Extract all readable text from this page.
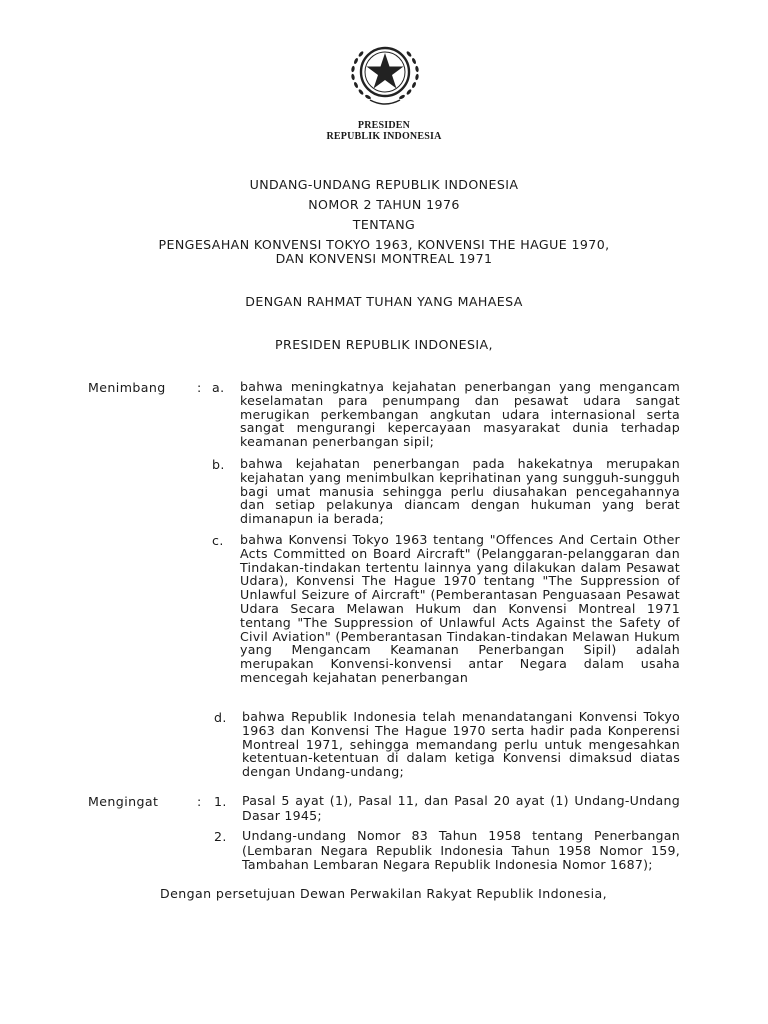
PRESIDEN
REPUBLIK INDONESIA
UNDANG-UNDANG REPUBLIK INDONESIA
NOMOR 2 TAHUN 1976
TENTANG
PENGESAHAN KONVENSI TOKYO 1963, KONVENSI THE HAGUE 1970,
DAN KONVENSI MONTREAL 1971
DENGAN RAHMAT TUHAN YANG MAHAESA
PRESIDEN REPUBLIK INDONESIA,
Menimbang : a. bahwa meningkatnya kejahatan penerbangan yang mengancam keselamatan para penumpang dan pesawat udara sangat merugikan perkembangan angkutan udara internasional serta sangat mengurangi kepercayaan masyarakat dunia terhadap keamanan penerbangan sipil;
b. bahwa kejahatan penerbangan pada hakekatnya merupakan kejahatan yang menimbulkan keprihatinan yang sungguh-sungguh bagi umat manusia sehingga perlu diusahakan pencegahannya dan setiap pelakunya diancam dengan hukuman yang berat dimanapun ia berada;
c. bahwa Konvensi Tokyo 1963 tentang "Offences And Certain Other Acts Committed on Board Aircraft" (Pelanggaran-pelanggaran dan Tindakan-tindakan tertentu lainnya yang dilakukan dalam Pesawat Udara), Konvensi The Hague 1970 tentang "The Suppression of Unlawful Seizure of Aircraft" (Pemberantasan Penguasaan Pesawat Udara Secara Melawan Hukum dan Konvensi Montreal 1971 tentang "The Suppression of Unlawful Acts Against the Safety of Civil Aviation" (Pemberantasan Tindakan-tindakan Melawan Hukum yang Mengancam Keamanan Penerbangan Sipil) adalah merupakan Konvensi-konvensi antar Negara dalam usaha mencegah kejahatan penerbangan
d. bahwa Republik Indonesia telah menandatangani Konvensi Tokyo 1963 dan Konvensi The Hague 1970 serta hadir pada Konperensi Montreal 1971, sehingga memandang perlu untuk mengesahkan ketentuan-ketentuan di dalam ketiga Konvensi dimaksud diatas dengan Undang-undang;
Mengingat	: 1. Pasal 5 ayat (1), Pasal 11, dan Pasal 20 ayat (1) Undang-Undang Dasar 1945;
2. Undang-undang Nomor 83 Tahun 1958 tentang Penerbangan (Lembaran Negara Republik Indonesia Tahun 1958 Nomor 159, Tambahan Lembaran Negara Republik Indonesia Nomor 1687);
Dengan persetujuan Dewan Perwakilan Rakyat Republik Indonesia,
